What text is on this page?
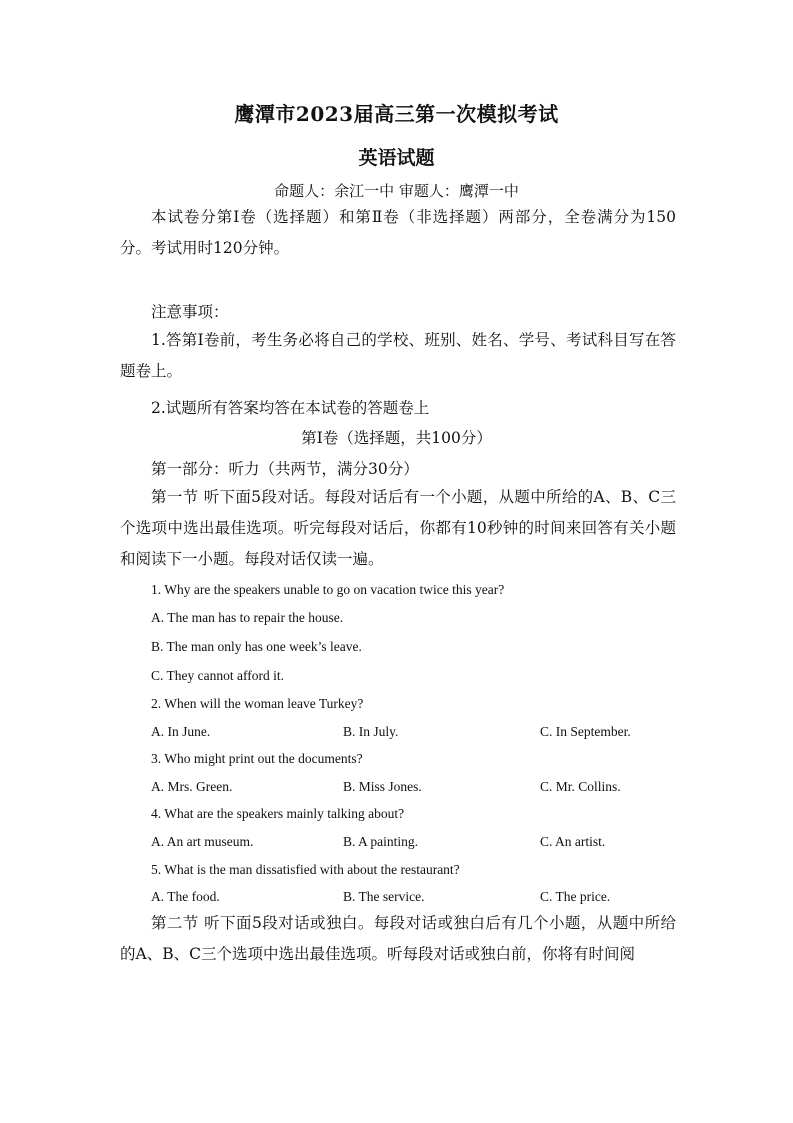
鹰潭市2023届高三第一次模拟考试
英语试题
命题人：余江一中 审题人：鹰潭一中
本试卷分第Ⅰ卷（选择题）和第Ⅱ卷（非选择题）两部分，全卷满分为150分。考试用时120分钟。
注意事项：
1.答第Ⅰ卷前，考生务必将自己的学校、班别、姓名、学号、考试科目写在答题卷上。
2.试题所有答案均答在本试卷的答题卷上
第Ⅰ卷（选择题，共100分）
第一部分：听力（共两节，满分30分）
第一节 听下面5段对话。每段对话后有一个小题，从题中所给的A、B、C三个选项中选出最佳选项。听完每段对话后，你都有10秒钟的时间来回答有关小题和阅读下一小题。每段对话仅读一遍。
1. Why are the speakers unable to go on vacation twice this year?
A. The man has to repair the house.
B. The man only has one week’s leave.
C. They cannot afford it.
2. When will the woman leave Turkey?
A. In June.	B. In July.	C. In September.
3. Who might print out the documents?
A. Mrs. Green.	B. Miss Jones.	C. Mr. Collins.
4. What are the speakers mainly talking about?
A. An art museum.	B. A painting.	C. An artist.
5. What is the man dissatisfied with about the restaurant?
A. The food.	B. The service.	C. The price.
第二节 听下面5段对话或独白。每段对话或独白后有几个小题，从题中所给的A、B、C三个选项中选出最佳选项。听每段对话或独白前，你将有时间阅
